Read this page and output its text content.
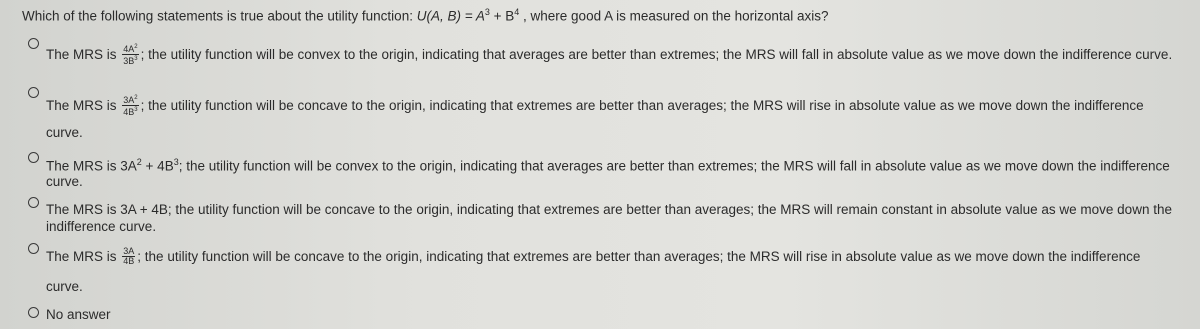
Which of the following statements is true about the utility function: U(A, $B) = A^3 + B^4$ , where good A is measured on the horizontal axis?
The MRS is $\frac{4A^2}{3B^3}$ ; the utility function will be convex to the origin, indicating that averages are better than extremes; the MRS will fall in absolute value as we move down the indifference curve.
The MRS is $\frac{3A^2}{4B^3}$ ; the utility function will be concave to the origin, indicating that extremes are better than averages; the MRS will rise in absolute value as we move down the indifference
curve.
The MRS is $3A^2 + 4B^3$; the utility function will be convex to the origin, indicating that averages are better than extremes; the MRS will fall in absolute value as we move down the indifference
curve.
The MRS is 3A + 4B; the utility function will be concave to the origin, indicating that extremes are better than averages; the MRS will remain constant in absolute value as we move down the
indifference curve.
The MRS is $\frac{3A}{4B}$ ; the utility function will be concave to the origin, indicating that extremes are better than averages; the MRS will rise in absolute value as we move down the indifference
curve.
No answer
